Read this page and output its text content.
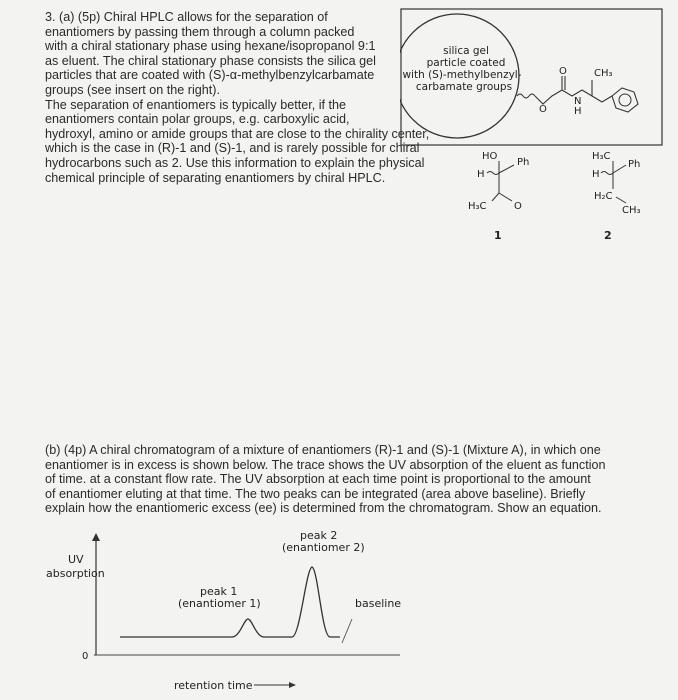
3. (a) (5p) Chiral HPLC allows for the separation of
enantiomers by passing them through a column packed
with a chiral stationary phase using hexane/isopropanol 9:1
as eluent. The chiral stationary phase consists the silica gel
particles that are coated with (S)-α-methylbenzylcarbamate
groups (see insert on the right).
The separation of enantiomers is typically better, if the
enantiomers contain polar groups, e.g. carboxylic acid,
hydroxyl, amino or amide groups that are close to the chirality center,
which is the case in (R)-1 and (S)-1, and is rarely possible for chiral
hydrocarbons such as 2. Use this information to explain the physical
chemical principle of separating enantiomers by chiral HPLC.
silica gel
particle coated
with (S)-methylbenzyl-
carbamate groups
O	CH₃
O
N
H
HO
Ph
H
H₃C	O
1
H₃C
Ph
H
H₂C
CH₃
2
(b) (4p) A chiral chromatogram of a mixture of enantiomers (R)-1 and (S)-1 (Mixture A), in which one
enantiomer is in excess is shown below. The trace shows the UV absorption of the eluent as function
of time. at a constant flow rate. The UV absorption at each time point is proportional to the amount
of enantiomer eluting at that time. The two peaks can be integrated (area above baseline). Briefly
explain how the enantiomeric excess (ee) is determined from the chromatogram. Show an equation.
UV
absorption
0
peak 1
(enantiomer 1)
peak 2
(enantiomer 2)
baseline
retention time
